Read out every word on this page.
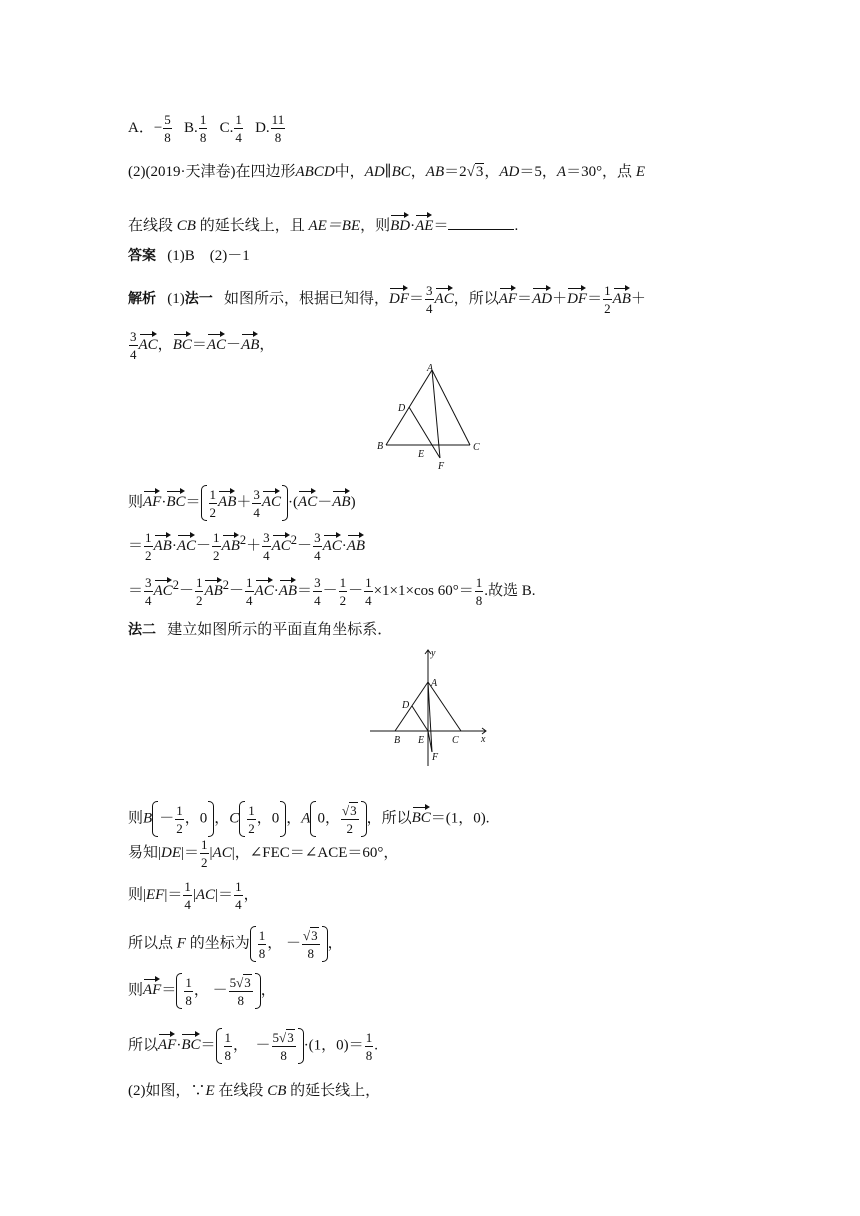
A．− $\frac{5}{8} B$. $\frac{1}{8} C$. $\frac{1}{4} D$. $\frac{11}{8}$
(2)(2019·天津卷)在四边形ABCD中，AD∥BC，AB＝2√3，AD＝5，A＝30°，点 E
在线段 CB 的延长线上，且 AE＝BE，则BD·AE＝	.
答案 (1)B　(2)－1
解析 (1)法一 如图所示，根据已知得，$DF= \frac{3}{4}$ AC，所以$AF=AD+DF= \frac{1}{2} AB+$
$\frac{3}{4}$ AC，BC＝AC－AB，
A
B	C
D
E
F
则$AF\cdot BC= \frac{1}{2} AB+ \frac{3}{4}$ AC ·(AC－AB)
＝ $\frac{1}{2} AB\cdot AC- \frac{1}{2} AB^2+ \frac{3}{4} AC^2- \frac{3}{4} AC\cdot AB$
＝ $\frac{3}{4} AC^2- \frac{1}{2} AB^2- \frac{1}{4} AC\cdot AB= \frac{3}{4} - \frac{1}{2} - \frac{1}{4} \times 1\times 1\times\cos$ $60^\circ= \frac{1}{8}$ .故选 B.
法二 建立如图所示的平面直角坐标系．
A
B	C
D
E
F
x
y
则$B - \frac{1}{2}$ ，0 ，C $\frac{1}{2}$ ，0 ，A 0， $\frac{√3}{2}$ ，所以BC＝(1，0).
易知$|DE|= \frac{1}{2} |AC|$，∠FEC＝∠ACE＝60°，
则$|EF|= \frac{1}{4} |AC|= \frac{1}{4}$ ，
所以点 F 的坐标为 $\frac{1}{8}$ ， － $\frac{√3}{8}$ ，
则$AF= \frac{1}{8}$ ， － $\frac{5√3}{8}$ ，
所以$AF\cdot BC= \frac{1}{8}$ ，  － $\frac{5√3}{8} \cdot(1$，$0)= \frac{1}{8}$ .
(2)如图，∵E 在线段 CB 的延长线上，
